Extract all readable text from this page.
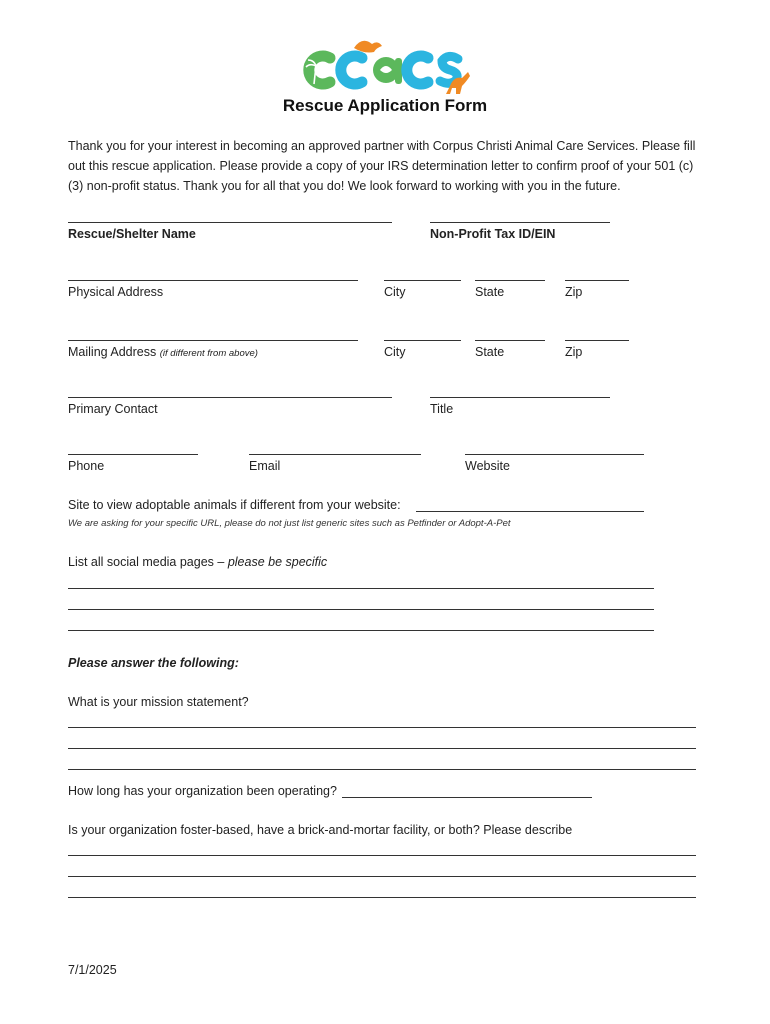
Rescue Application Form
Thank you for your interest in becoming an approved partner with Corpus Christi Animal Care Services. Please fill out this rescue application. Please provide a copy of your IRS determination letter to confirm proof of your 501 (c) (3) non-profit status. Thank you for all that you do! We look forward to working with you in the future.
Rescue/Shelter Name	Non-Profit Tax ID/EIN
Physical Address	City	State	Zip
Mailing Address (if different from above)	City	State	Zip
Primary Contact	Title
Phone	Email	Website
Site to view adoptable animals if different from your website:
We are asking for your specific URL, please do not just list generic sites such as Petfinder or Adopt-A-Pet
List all social media pages – please be specific
Please answer the following:
What is your mission statement?
How long has your organization been operating?
Is your organization foster-based, have a brick-and-mortar facility, or both? Please describe
7/1/2025
